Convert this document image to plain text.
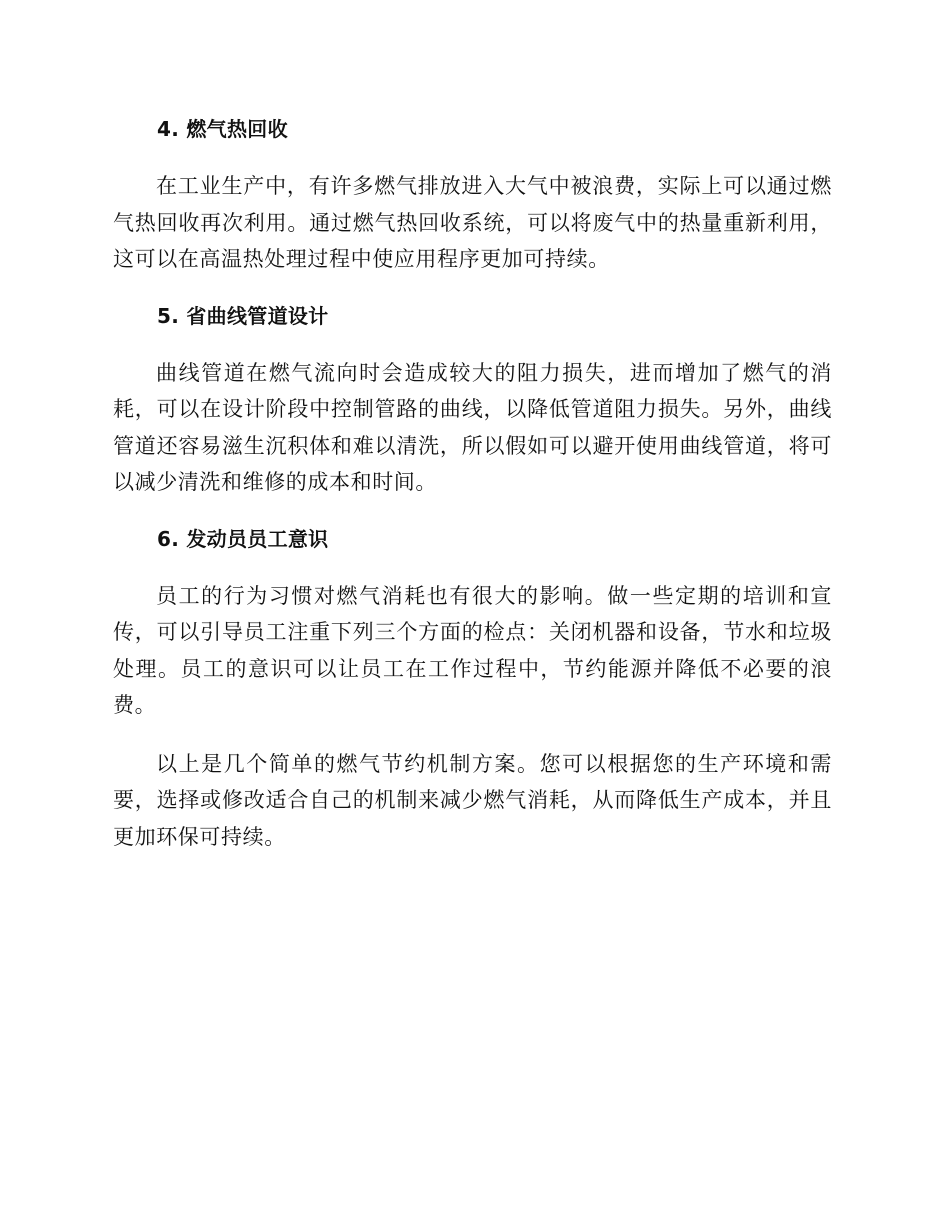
4. 燃气热回收

在工业生产中，有许多燃气排放进入大气中被浪费，实际上可以通过燃气热回收再次利用。通过燃气热回收系统，可以将废气中的热量重新利用，这可以在高温热处理过程中使应用程序更加可持续。

5. 省曲线管道设计

曲线管道在燃气流向时会造成较大的阻力损失，进而增加了燃气的消耗，可以在设计阶段中控制管路的曲线，以降低管道阻力损失。另外，曲线管道还容易滋生沉积体和难以清洗，所以假如可以避开使用曲线管道，将可以减少清洗和维修的成本和时间。

6. 发动员员工意识

员工的行为习惯对燃气消耗也有很大的影响。做一些定期的培训和宣传，可以引导员工注重下列三个方面的检点：关闭机器和设备，节水和垃圾处理。员工的意识可以让员工在工作过程中，节约能源并降低不必要的浪费。

以上是几个简单的燃气节约机制方案。您可以根据您的生产环境和需要，选择或修改适合自己的机制来减少燃气消耗，从而降低生产成本，并且更加环保可持续。
